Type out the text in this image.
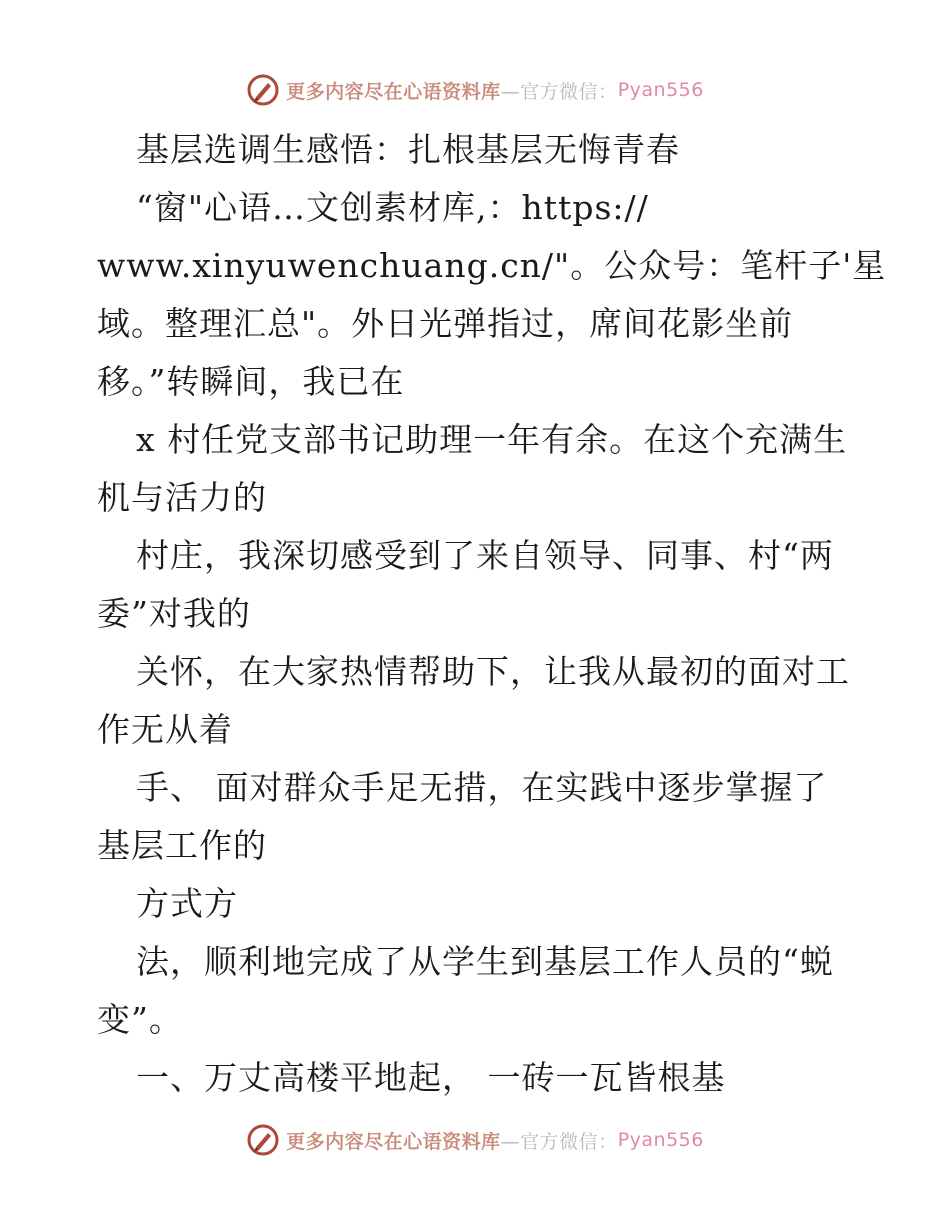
更多内容尽在心语资料库 —官方微信： Pyan556
基层选调生感悟：扎根基层无悔青春
“窗"心语…文创素材库,：https://
www.xinyuwenchuang.cn/"。公众号：笔杆子'星
域。整理汇总"。外日光弹指过，席间花影坐前
移。”转瞬间，我已在
x 村任党支部书记助理一年有余。在这个充满生
机与活力的
村庄，我深切感受到了来自领导、同事、村“两
委”对我的
关怀，在大家热情帮助下，让我从最初的面对工
作无从着
手、 面对群众手足无措，在实践中逐步掌握了
基层工作的
方式方
法，顺利地完成了从学生到基层工作人员的“蜕
变”。
一、万丈高楼平地起， 一砖一瓦皆根基
更多内容尽在心语资料库 —官方微信： Pyan556
